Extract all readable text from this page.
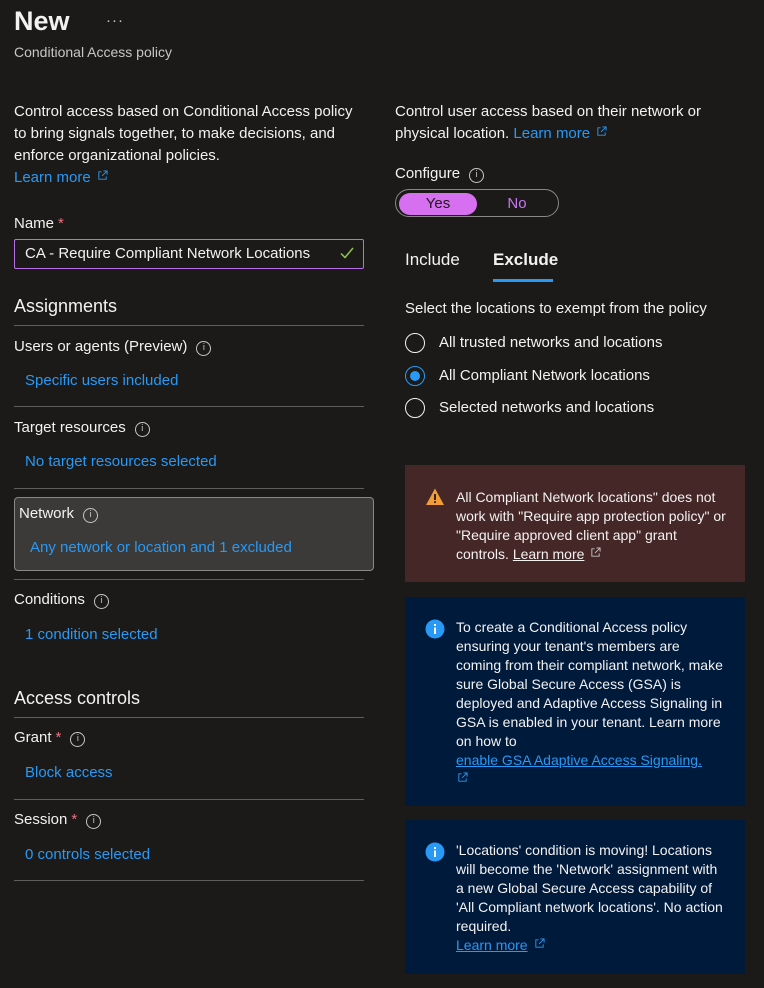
New ···
Conditional Access policy
Control access based on Conditional Access policy to bring signals together, to make decisions, and enforce organizational policies.
Learn more
Name *
CA - Require Compliant Network Locations
Assignments
Users or agents (Preview) i
Specific users included
Target resources i
No target resources selected
Network i
Any network or location and 1 excluded
Conditions i
1 condition selected
Access controls
Grant * i
Block access
Session * i
0 controls selected
Control user access based on their network or physical location. Learn more
Configure i
Yes	No
Include Exclude
Select the locations to exempt from the policy
All trusted networks and locations
All Compliant Network locations
Selected networks and locations
All Compliant Network locations" does not work with "Require app protection policy" or "Require approved client app" grant controls. Learn more
To create a Conditional Access policy ensuring your tenant's members are coming from their compliant network, make sure Global Secure Access (GSA) is deployed and Adaptive Access Signaling in GSA is enabled in your tenant. Learn more on how to
enable GSA Adaptive Access Signaling.

'Locations' condition is moving! Locations will become the 'Network' assignment with a new Global Secure Access capability of 'All Compliant network locations'. No action required.
Learn more
